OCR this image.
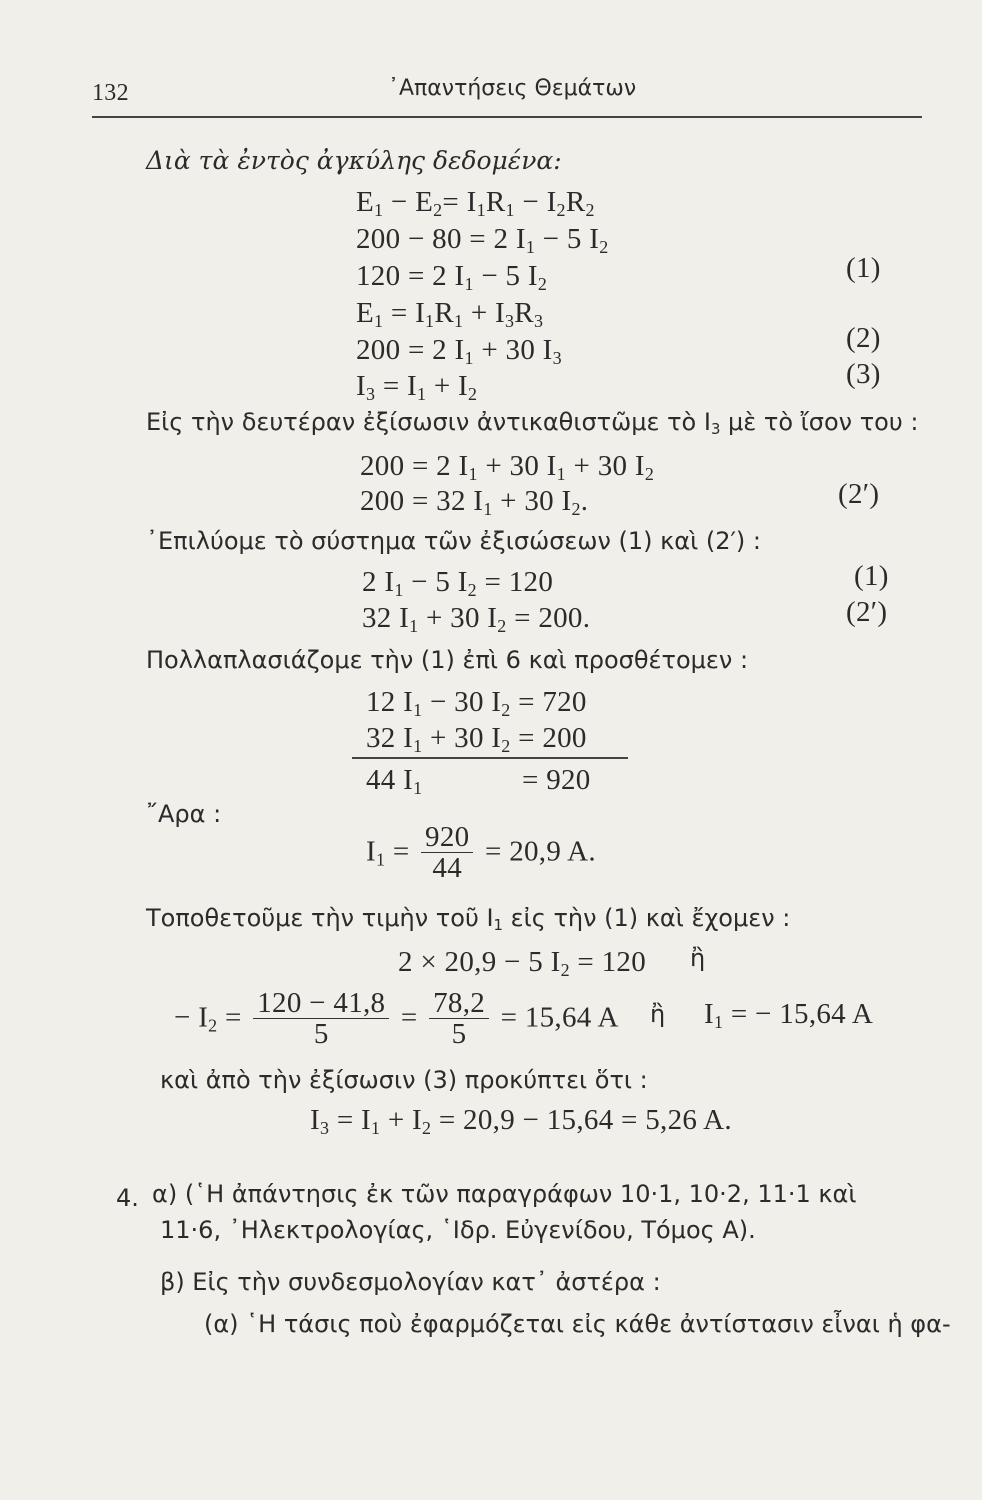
132	᾿Απαντήσεις Θεμάτων
Διὰ τὰ ἐντὸς ἀγκύλης δεδομένα:
$E_1 - E_2= I_1R_1 - I_2R_2$
200 − 80 = 2 $I_1 - 5$ $I_2$
120 = 2 $I_1 - 5$ $I_2$
(1)
$E_1 = I_1R_1 + I_3R_3$
200 = 2 $I_1 + 30$ $I_3$
(2)
$I_3 = I_1 + I_2$
(3)
Εἰς τὴν δευτέραν ἐξίσωσιν ἀντικαθιστῶμε τὸ $I_3$ μὲ τὸ ἴσον του :
200 = 2 $I_1 + 30$ $I_1 + 30$ $I_2$
200 = 32 $I_1 + 30$ $I_2$.	(2′)
᾿Επιλύομε τὸ σύστημα τῶν ἐξισώσεων (1) καὶ (2′) :
2 $I_1 - 5$ $I_2 = 120$	(1)
32 $I_1 + 30$ $I_2 = 200$.	(2′)
Πολλαπλασιάζομε τὴν (1) ἐπὶ 6 καὶ προσθέτομεν :
12 $I_1 - 30$ $I_2 = 720$
32 $I_1 + 30$ $I_2 = 200$
44 $I_1$	= 920
῎Αρα :
$I_1 = \frac{920}{44} = 20,9$ A.
Τοποθετοῦμε τὴν τιμὴν τοῦ $I_1$ εἰς τὴν (1) καὶ ἔχομεν :
2 × 20,9 − 5 $I_2 = 120$ ἢ
− $I_2 = \frac{120 - 41,8}{5} = \frac{78,2}{5} = 15,64$ A ἢ $I_1$ = − 15,64 A
καὶ ἀπὸ τὴν ἐξίσωσιν (3) προκύπτει ὅτι :
$I_3 = I_1 + I_2 = 20,9 - 15,64 = 5,26$ A.
4. α) (῾Η ἀπάντησις ἐκ τῶν παραγράφων 10·1, 10·2, 11·1 καὶ
11·6, ᾿Ηλεκτρολογίας, ῾Ιδρ. Εὐγενίδου, Τόμος A).
β) Εἰς τὴν συνδεσμολογίαν κατ᾿ ἀστέρα :
(α) ῾Η τάσις ποὺ ἐφαρμόζεται εἰς κάθε ἀντίστασιν εἶναι ἡ φα-
